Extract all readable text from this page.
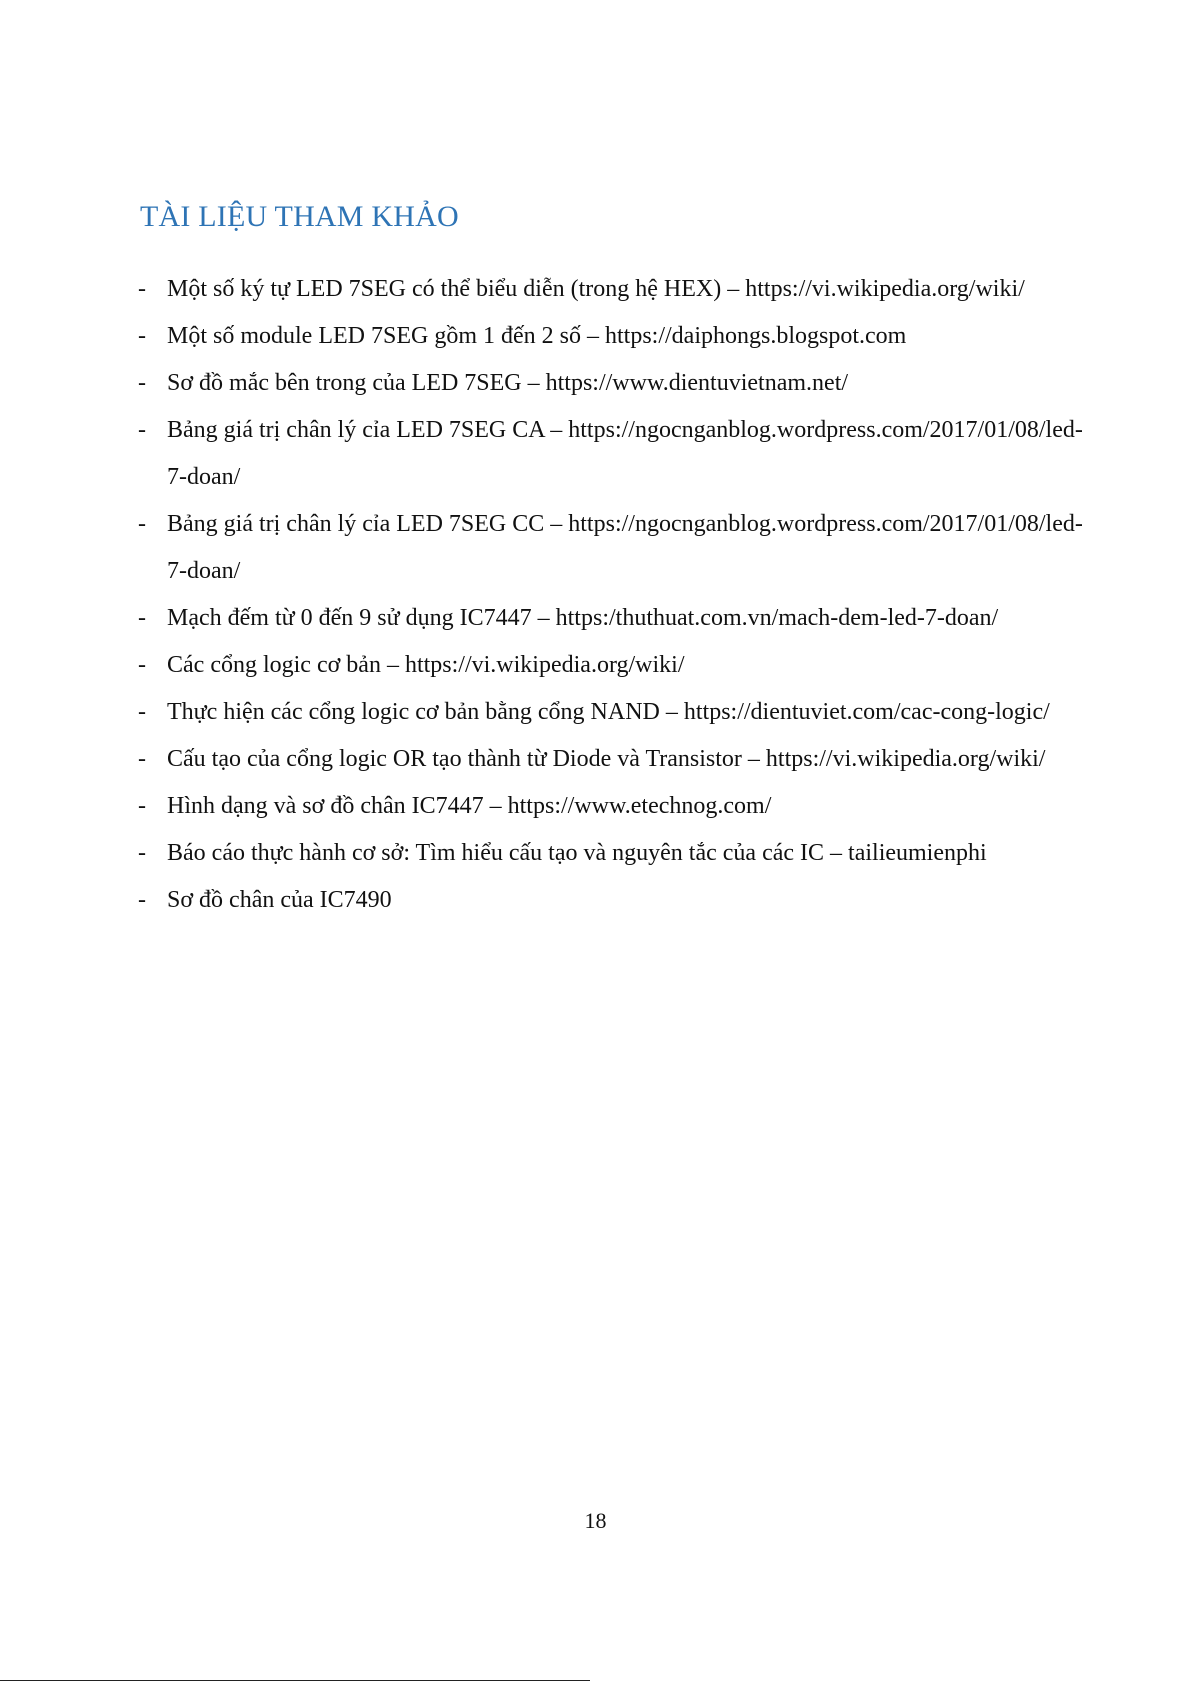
TÀI LIỆU THAM KHẢO
- Một số ký tự LED 7SEG có thể biểu diễn (trong hệ HEX) – https://vi.wikipedia.org/wiki/
- Một số module LED 7SEG gồm 1 đến 2 số – https://daiphongs.blogspot.com
- Sơ đồ mắc bên trong của LED 7SEG – https://www.dientuvietnam.net/
- Bảng giá trị chân lý cỉa LED 7SEG CA – https://ngocnganblog.wordpress.com/2017/01/08/led-7-doan/
- Bảng giá trị chân lý cỉa LED 7SEG CC – https://ngocnganblog.wordpress.com/2017/01/08/led-7-doan/
- Mạch đếm từ 0 đến 9 sử dụng IC7447 – https:/thuthuat.com.vn/mach-dem-led-7-doan/
- Các cổng logic cơ bản – https://vi.wikipedia.org/wiki/
- Thực hiện các cổng logic cơ bản bằng cổng NAND – https://dientuviet.com/cac-cong-logic/
- Cấu tạo của cổng logic OR tạo thành từ Diode và Transistor – https://vi.wikipedia.org/wiki/
- Hình dạng và sơ đồ chân IC7447 – https://www.etechnog.com/
- Báo cáo thực hành cơ sở: Tìm hiểu cấu tạo và nguyên tắc của các IC – tailieumienphi
- Sơ đồ chân của IC7490
18
